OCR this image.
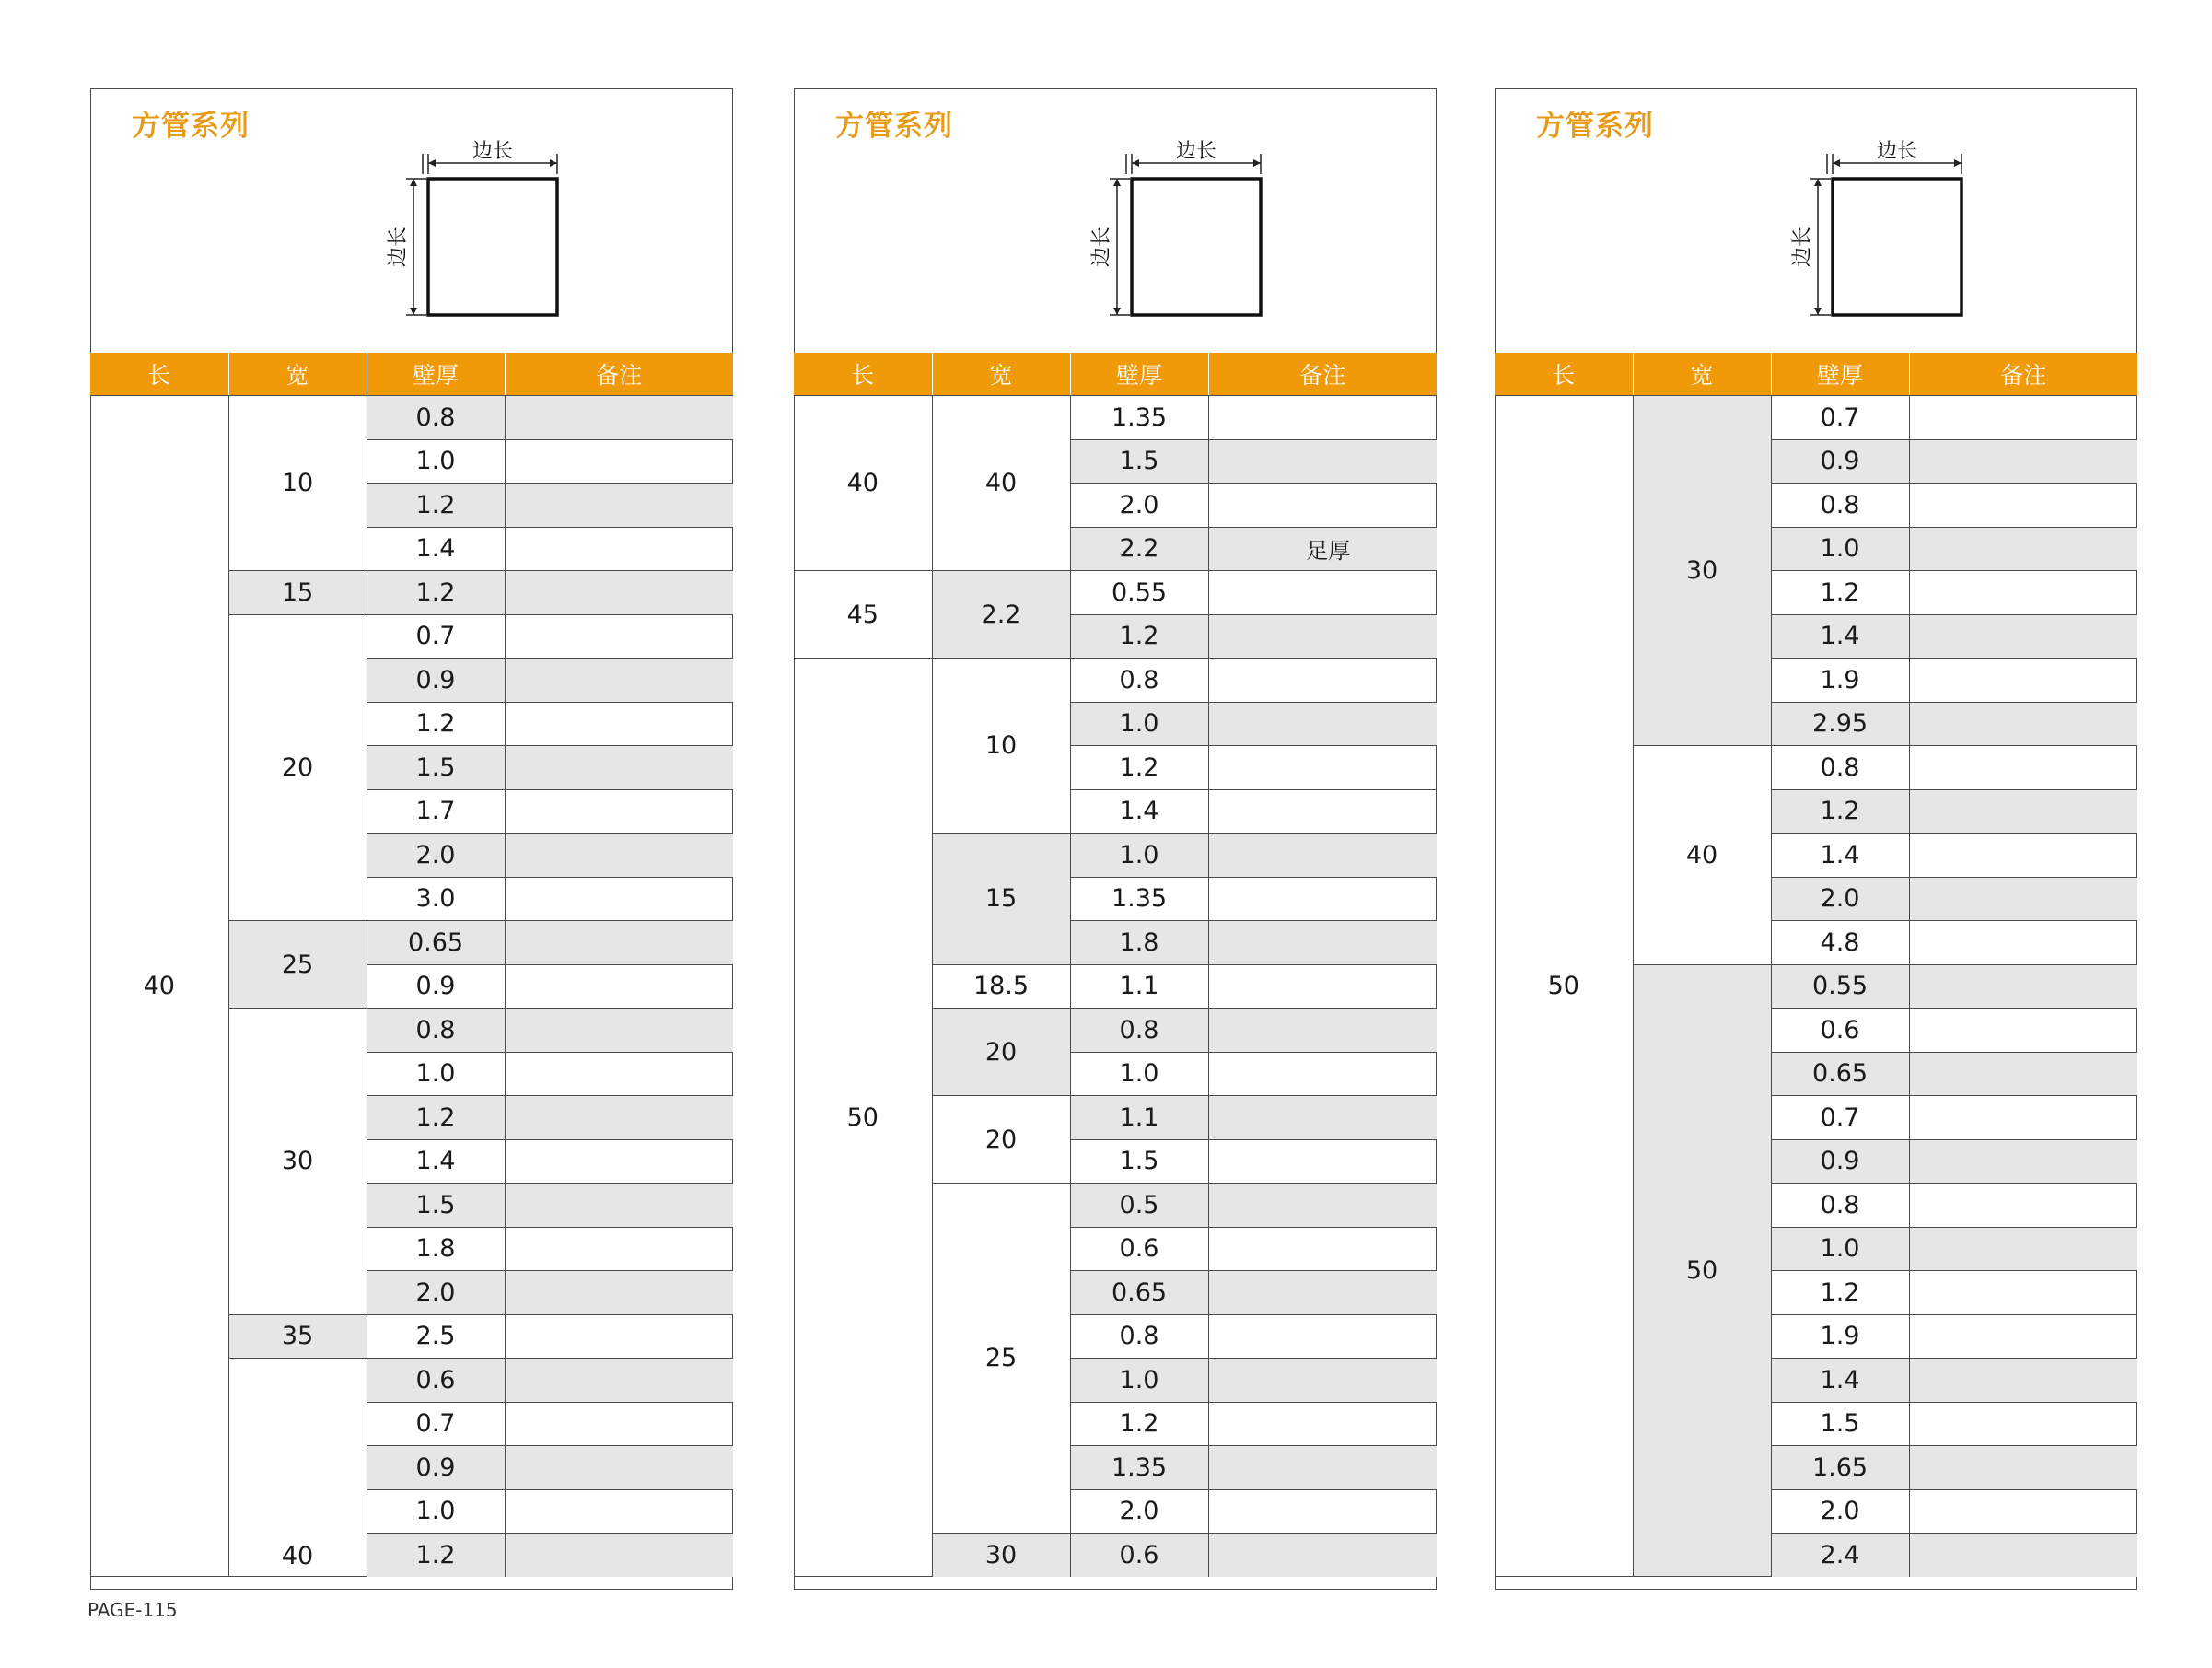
方管系列
边长
边长
长	宽	壁厚	备注
40	10	0.8	
		1.0	
		1.2	
		1.4	
	15	1.2	
	20	0.7	
		0.9	
		1.2	
		1.5	
		1.7	
		2.0	
		3.0	
	25	0.65	
		0.9	
	30	0.8	
		1.0	
		1.2	
		1.4	
		1.5	
		1.8	
		2.0	
	35	2.5	
	40	0.6	
		0.7	
		0.9	
		1.0	
		1.2	
方管系列
边长
边长
长	宽	壁厚	备注
40	40	1.35	
		1.5	
		2.0	
		2.2	足厚
45	2.2	0.55	
		1.2	
50	10	0.8	
		1.0	
		1.2	
		1.4	
	15	1.0	
		1.35	
		1.8	
	18.5	1.1	
	20	0.8	
		1.0	
	20	1.1	
		1.5	
	25	0.5	
		0.6	
		0.65	
		0.8	
		1.0	
		1.2	
		1.35	
		2.0	
	30	0.6	
方管系列
边长
边长
长	宽	壁厚	备注
50	30	0.7	
		0.9	
		0.8	
		1.0	
		1.2	
		1.4	
		1.9	
		2.95	
	40	0.8	
		1.2	
		1.4	
		2.0	
		4.8	
	50	0.55	
		0.6	
		0.65	
		0.7	
		0.9	
		0.8	
		1.0	
		1.2	
		1.9	
		1.4	
		1.5	
		1.65	
		2.0	
		2.4	
PAGE-115
